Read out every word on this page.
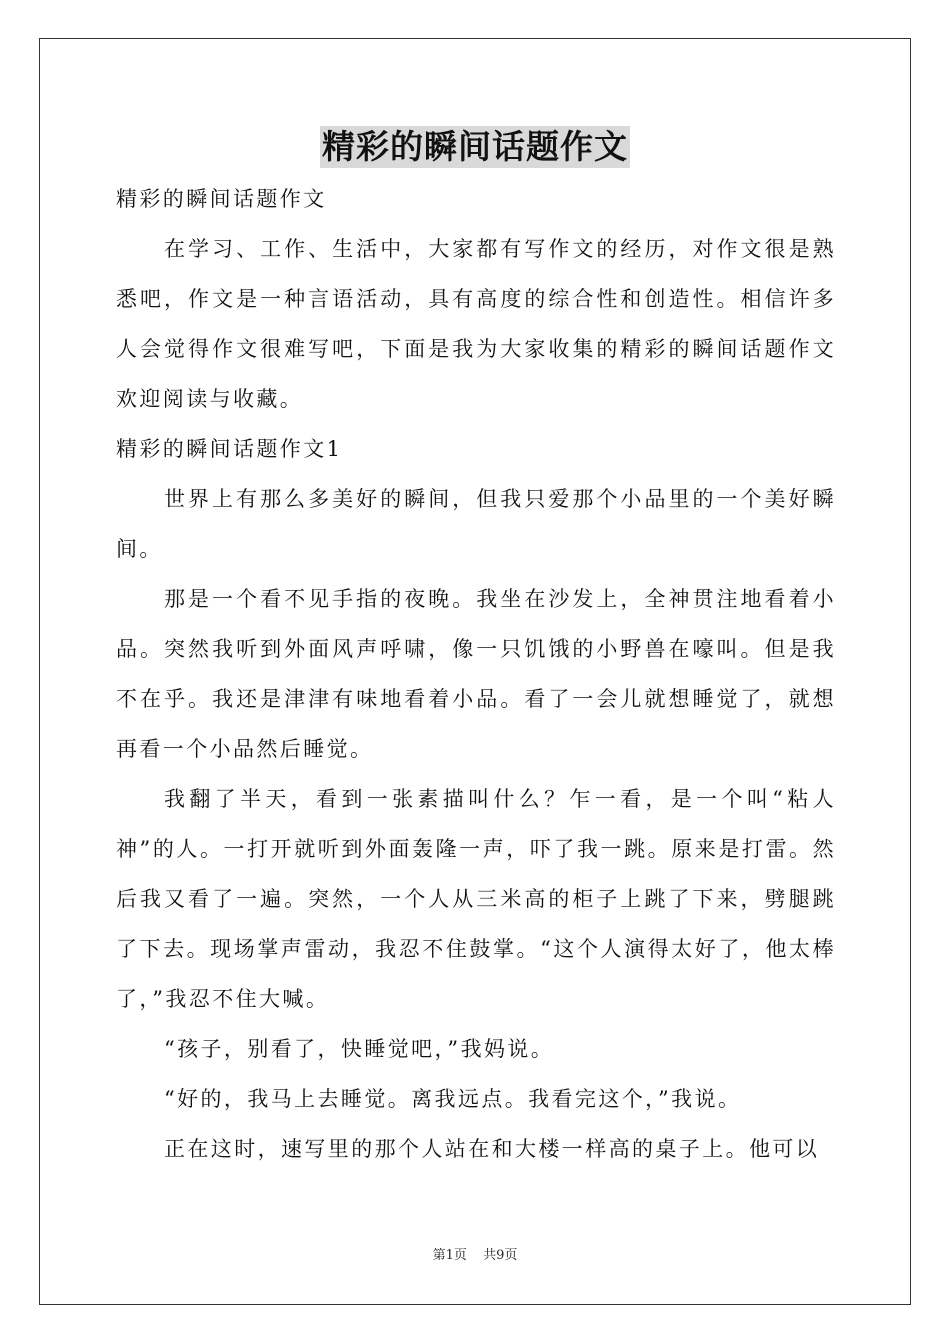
精彩的瞬间话题作文

精彩的瞬间话题作文

在学习、工作、生活中，大家都有写作文的经历，对作文很是熟悉吧，作文是一种言语活动，具有高度的综合性和创造性。相信许多人会觉得作文很难写吧，下面是我为大家收集的精彩的瞬间话题作文欢迎阅读与收藏。

精彩的瞬间话题作文1

世界上有那么多美好的瞬间，但我只爱那个小品里的一个美好瞬间。

那是一个看不见手指的夜晚。我坐在沙发上，全神贯注地看着小品。突然我听到外面风声呼啸，像一只饥饿的小野兽在嚎叫。但是我不在乎。我还是津津有味地看着小品。看了一会儿就想睡觉了，就想再看一个小品然后睡觉。

我翻了半天，看到一张素描叫什么？乍一看，是一个叫“粘人神”的人。一打开就听到外面轰隆一声，吓了我一跳。原来是打雷。然后我又看了一遍。突然，一个人从三米高的柜子上跳了下来，劈腿跳了下去。现场掌声雷动，我忍不住鼓掌。“这个人演得太好了，他太棒了，”我忍不住大喊。

“孩子，别看了，快睡觉吧，”我妈说。

“好的，我马上去睡觉。离我远点。我看完这个，”我说。

正在这时，速写里的那个人站在和大楼一样高的桌子上。他可以

第1页 共9页
